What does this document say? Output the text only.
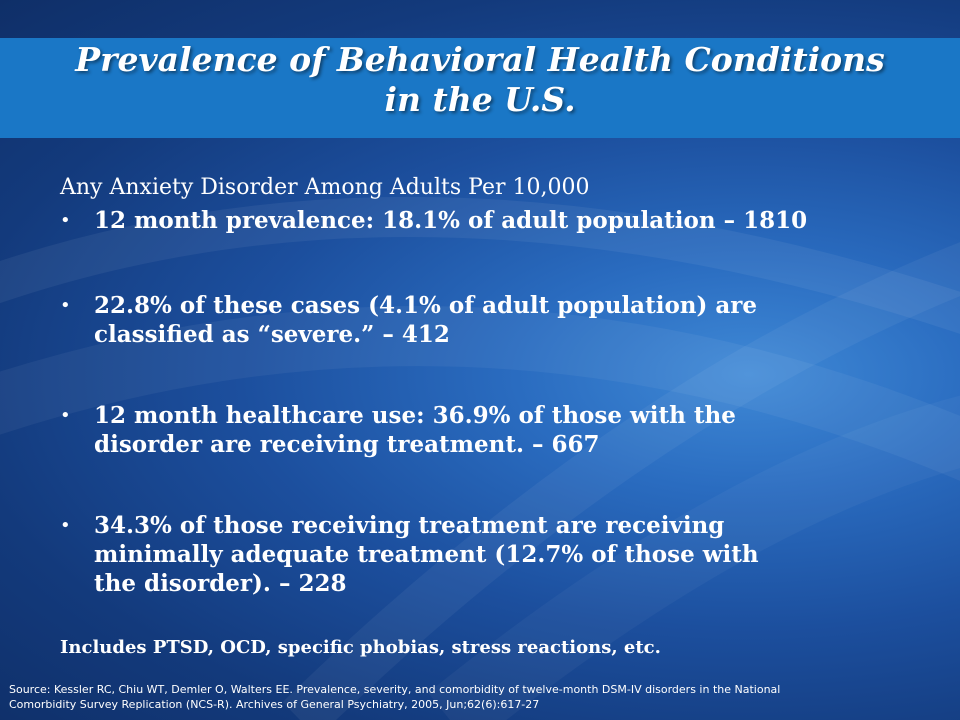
Prevalence of Behavioral Health Conditions
in the U.S.

Any Anxiety Disorder Among Adults Per 10,000

• 12 month prevalence: 18.1% of adult population – 1810
• 22.8% of these cases (4.1% of adult population) are
classified as “severe.” – 412
• 12 month healthcare use: 36.9% of those with the
disorder are receiving treatment. – 667
• 34.3% of those receiving treatment are receiving
minimally adequate treatment (12.7% of those with
the disorder). – 228

Includes PTSD, OCD, specific phobias, stress reactions, etc.

Source: Kessler RC, Chiu WT, Demler O, Walters EE. Prevalence, severity, and comorbidity of twelve-month DSM-IV disorders in the National
Comorbidity Survey Replication (NCS-R). Archives of General Psychiatry, 2005, Jun;62(6):617-27
